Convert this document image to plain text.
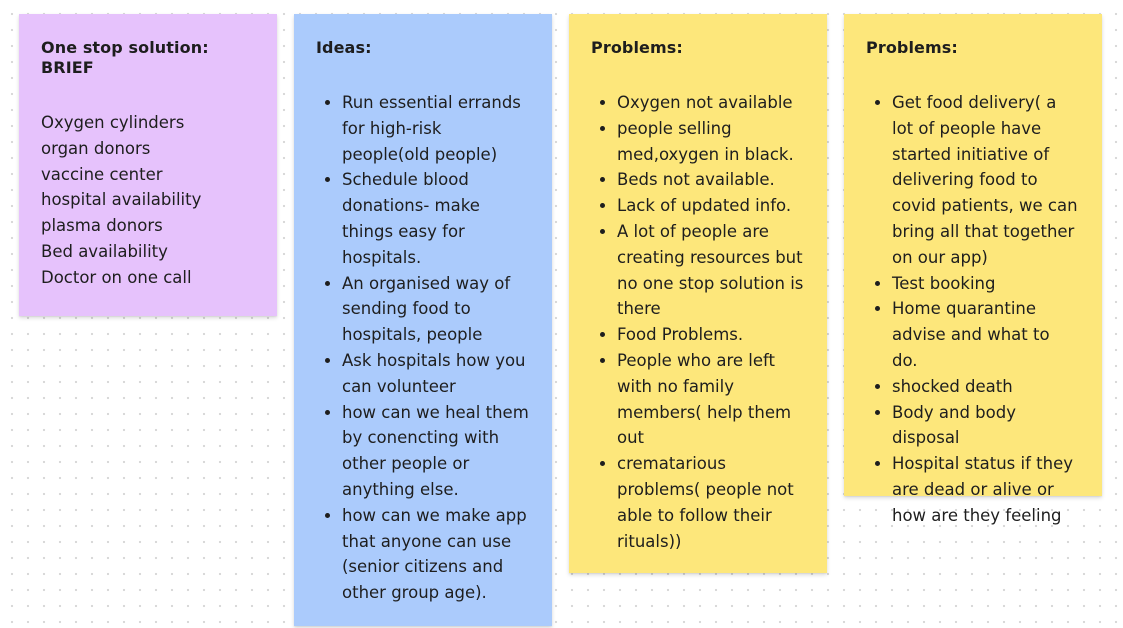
One stop solution: BRIEF
Oxygen cylinders
organ donors
vaccine center
hospital availability
plasma donors
Bed availability
Doctor on one call
Ideas:
• Run essential errands for high-risk people(old people)
• Schedule blood donations- make things easy for hospitals.
• An organised way of sending food to hospitals, people
• Ask hospitals how you can volunteer
• how can we heal them by conencting with other people or anything else.
• how can we make app that anyone can use (senior citizens and other group age).
Problems:
• Oxygen not available
• people selling med,oxygen in black.
• Beds not available.
• Lack of updated info.
• A lot of people are creating resources but no one stop solution is there
• Food Problems.
• People who are left with no family members( help them out
• crematarious problems( people not able to follow their rituals))
Problems:
• Get food delivery( a lot of people have started initiative of delivering food to covid patients, we can bring all that together on our app)
• Test booking
• Home quarantine advise and what to do.
• shocked death
• Body and body disposal
• Hospital status if they are dead or alive or how are they feeling
